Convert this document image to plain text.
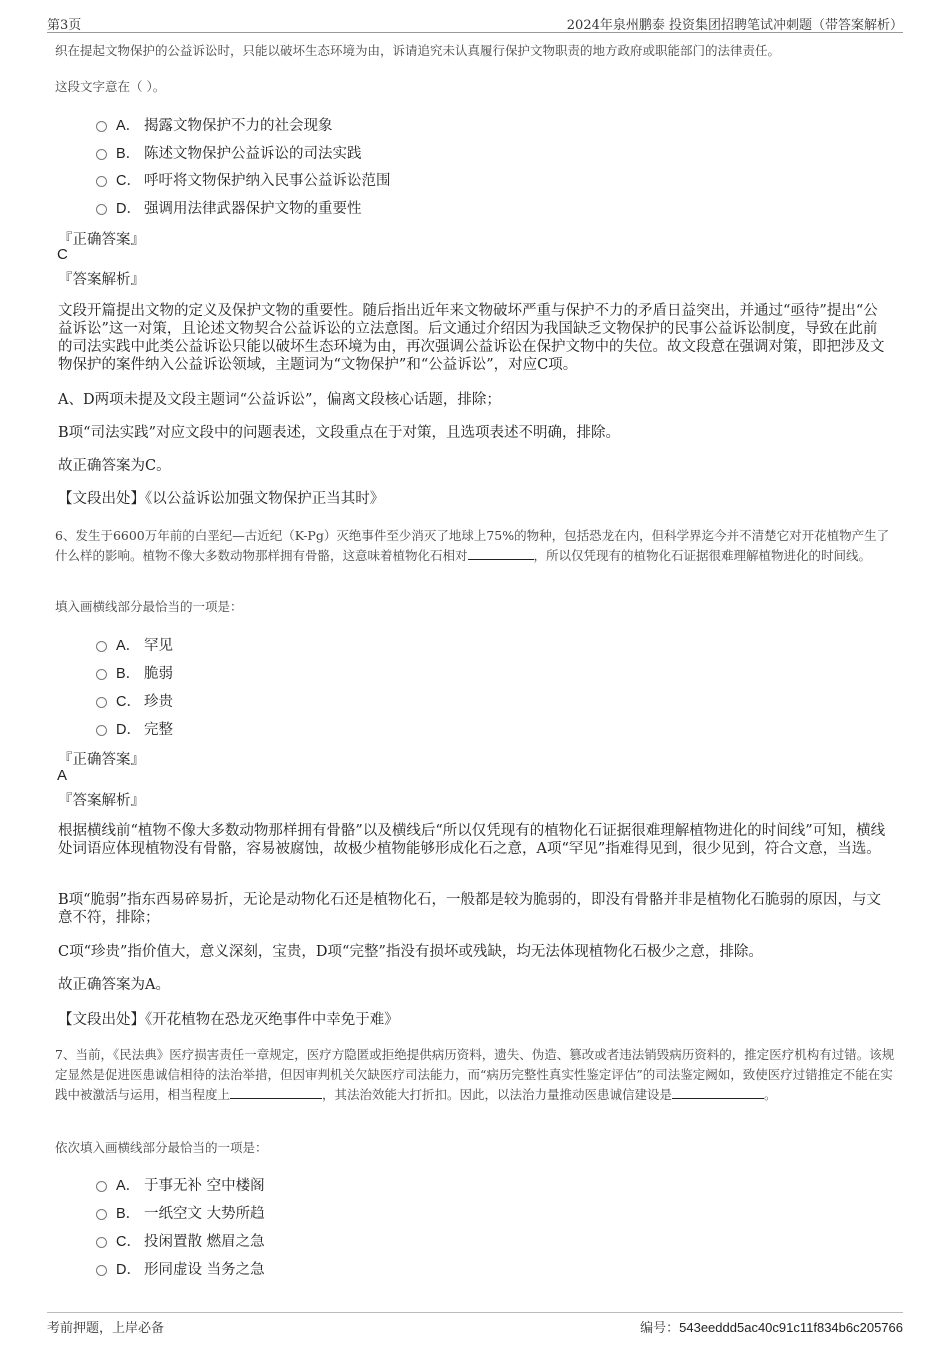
第3页	2024年泉州鹏泰 投资集团招聘笔试冲刺题（带答案解析）

织在提起文物保护的公益诉讼时，只能以破坏生态环境为由，诉请追究未认真履行保护文物职责的地方政府或职能部门的法律责任。

这段文字意在（ ）。

A． 揭露文物保护不力的社会现象
B． 陈述文物保护公益诉讼的司法实践
C． 呼吁将文物保护纳入民事公益诉讼范围
D． 强调用法律武器保护文物的重要性
『正确答案』
C
『答案解析』

文段开篇提出文物的定义及保护文物的重要性。随后指出近年来文物破坏严重与保护不力的矛盾日益突出，并通过“亟待”提出“公益诉讼”这一对策，且论述文物契合公益诉讼的立法意图。后文通过介绍因为我国缺乏文物保护的民事公益诉讼制度，导致在此前的司法实践中此类公益诉讼只能以破坏生态环境为由，再次强调公益诉讼在保护文物中的失位。故文段意在强调对策，即把涉及文物保护的案件纳入公益诉讼领域，主题词为“文物保护”和“公益诉讼”，对应C项。

A、D两项未提及文段主题词“公益诉讼”，偏离文段核心话题，排除；

B项“司法实践”对应文段中的问题表述，文段重点在于对策，且选项表述不明确，排除。

故正确答案为C。

【文段出处】《以公益诉讼加强文物保护正当其时》

6、发生于6600万年前的白垩纪—古近纪（K-Pg）灭绝事件至少消灭了地球上75%的物种，包括恐龙在内，但科学界迄今并不清楚它对开花植物产生了什么样的影响。植物不像大多数动物那样拥有骨骼，这意味着植物化石相对	，所以仅凭现有的植物化石证据很难理解植物进化的时间线。

填入画横线部分最恰当的一项是：

A． 罕见
B． 脆弱
C． 珍贵
D． 完整
『正确答案』
A
『答案解析』

根据横线前“植物不像大多数动物那样拥有骨骼”以及横线后“所以仅凭现有的植物化石证据很难理解植物进化的时间线”可知，横线处词语应体现植物没有骨骼，容易被腐蚀，故极少植物能够形成化石之意，A项“罕见”指难得见到，很少见到，符合文意，当选。

B项“脆弱”指东西易碎易折，无论是动物化石还是植物化石，一般都是较为脆弱的，即没有骨骼并非是植物化石脆弱的原因，与文意不符，排除；

C项“珍贵”指价值大，意义深刻，宝贵，D项“完整”指没有损坏或残缺，均无法体现植物化石极少之意，排除。

故正确答案为A。

【文段出处】《开花植物在恐龙灭绝事件中幸免于难》

7、当前，《民法典》医疗损害责任一章规定，医疗方隐匿或拒绝提供病历资料，遗失、伪造、篡改或者违法销毁病历资料的，推定医疗机构有过错。该规定显然是促进医患诚信相待的法治举措，但因审判机关欠缺医疗司法能力，而“病历完整性真实性鉴定评估”的司法鉴定阙如，致使医疗过错推定不能在实践中被激活与运用，相当程度上	，其法治效能大打折扣。因此，以法治力量推动医患诚信建设是	。

依次填入画横线部分最恰当的一项是：

A． 于事无补 空中楼阁
B． 一纸空文 大势所趋
C． 投闲置散 燃眉之急
D． 形同虚设 当务之急
考前押题，上岸必备	编号：543eeddd5ac40c91c11f834b6c205766
